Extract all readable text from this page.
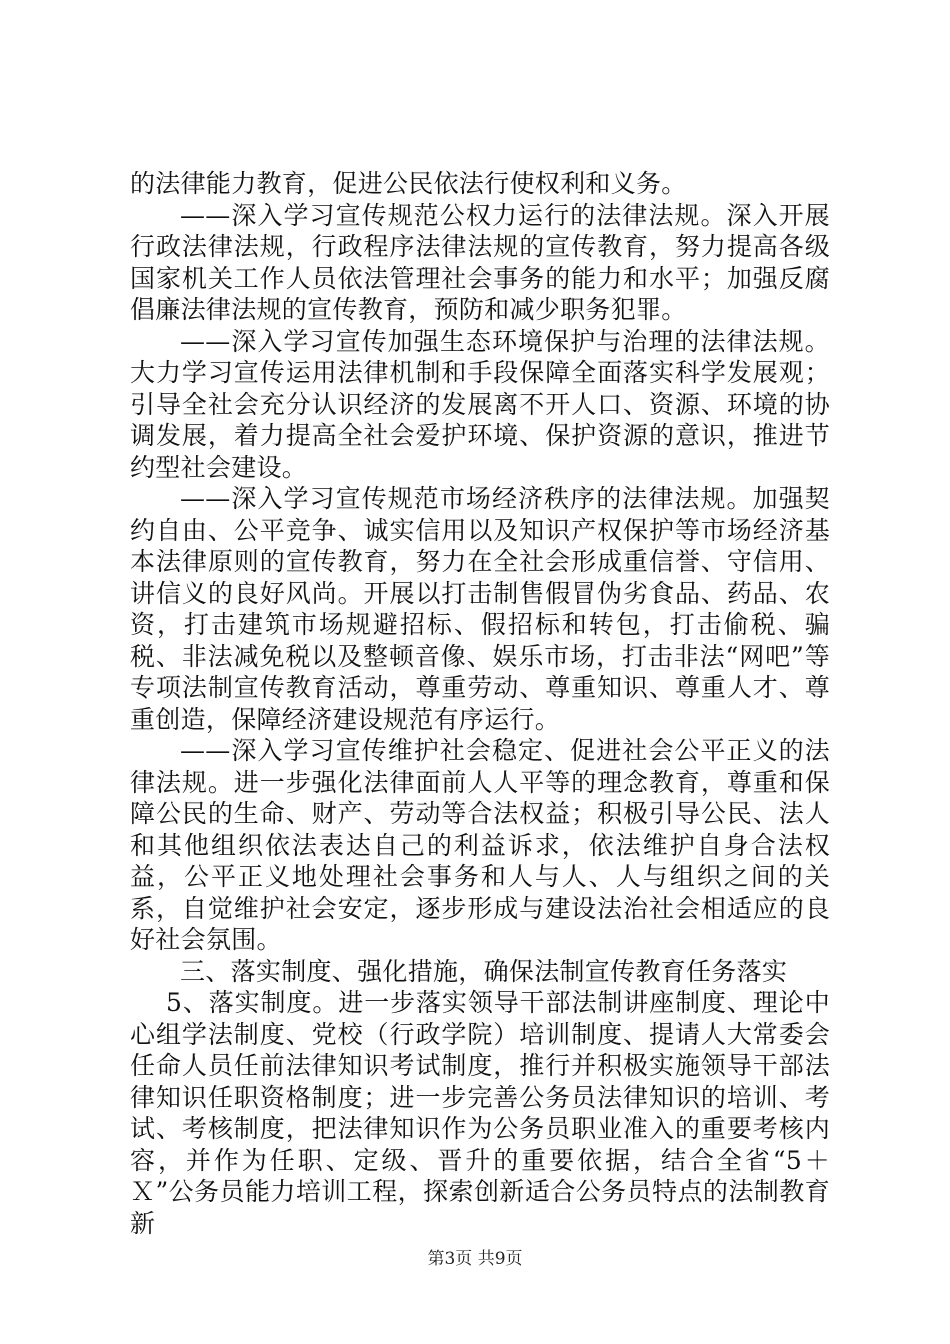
的法律能力教育，促进公民依法行使权利和义务。

——深入学习宣传规范公权力运行的法律法规。深入开展行政法律法规，行政程序法律法规的宣传教育，努力提高各级国家机关工作人员依法管理社会事务的能力和水平；加强反腐倡廉法律法规的宣传教育，预防和减少职务犯罪。

——深入学习宣传加强生态环境保护与治理的法律法规。大力学习宣传运用法律机制和手段保障全面落实科学发展观；引导全社会充分认识经济的发展离不开人口、资源、环境的协调发展，着力提高全社会爱护环境、保护资源的意识，推进节约型社会建设。

——深入学习宣传规范市场经济秩序的法律法规。加强契约自由、公平竞争、诚实信用以及知识产权保护等市场经济基本法律原则的宣传教育，努力在全社会形成重信誉、守信用、讲信义的良好风尚。开展以打击制售假冒伪劣食品、药品、农资，打击建筑市场规避招标、假招标和转包，打击偷税、骗税、非法减免税以及整顿音像、娱乐市场，打击非法“网吧”等专项法制宣传教育活动，尊重劳动、尊重知识、尊重人才、尊重创造，保障经济建设规范有序运行。

——深入学习宣传维护社会稳定、促进社会公平正义的法律法规。进一步强化法律面前人人平等的理念教育，尊重和保障公民的生命、财产、劳动等合法权益；积极引导公民、法人和其他组织依法表达自己的利益诉求，依法维护自身合法权益，公平正义地处理社会事务和人与人、人与组织之间的关系，自觉维护社会安定，逐步形成与建设法治社会相适应的良好社会氛围。

三、落实制度、强化措施，确保法制宣传教育任务落实

5、落实制度。进一步落实领导干部法制讲座制度、理论中心组学法制度、党校（行政学院）培训制度、提请人大常委会任命人员任前法律知识考试制度，推行并积极实施领导干部法律知识任职资格制度；进一步完善公务员法律知识的培训、考试、考核制度，把法律知识作为公务员职业准入的重要考核内容，并作为任职、定级、晋升的重要依据，结合全省“5＋Ｘ”公务员能力培训工程，探索创新适合公务员特点的法制教育新

第3页 共9页
